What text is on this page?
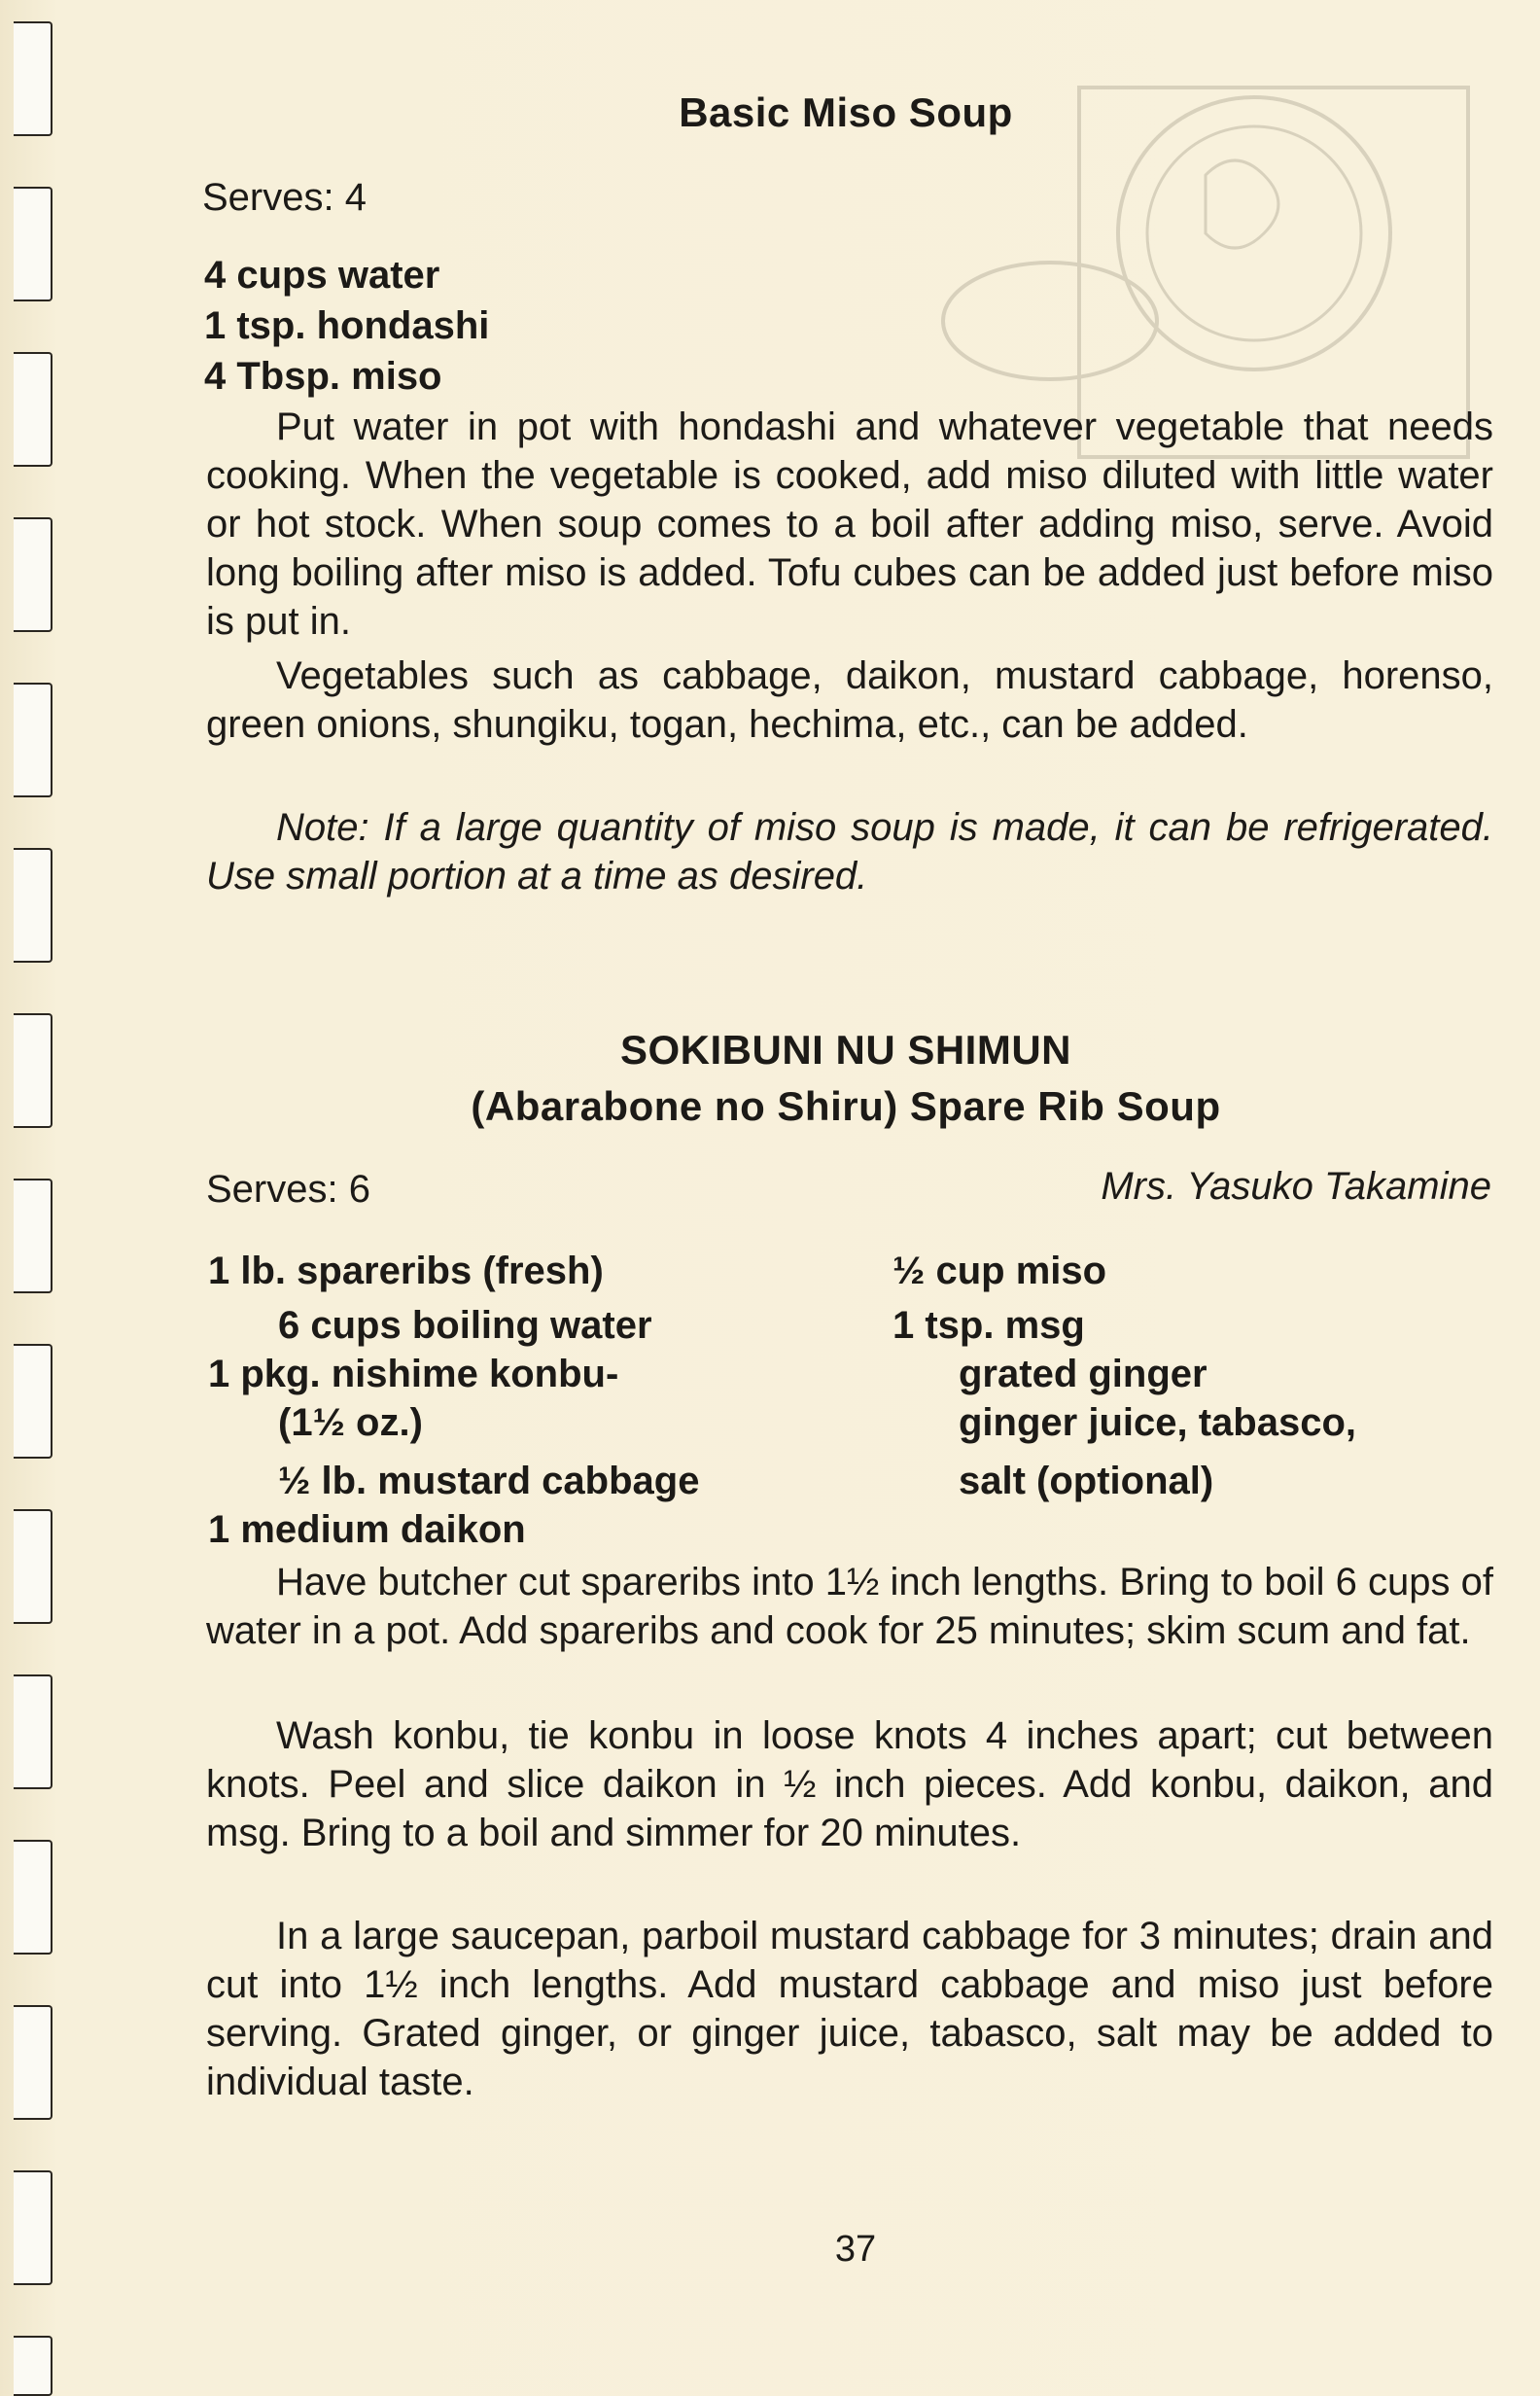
Basic Miso Soup
Serves: 4
4 cups water
1 tsp. hondashi
4 Tbsp. miso
Put water in pot with hondashi and whatever vegetable that needs cooking. When the vegetable is cooked, add miso diluted with little water or hot stock. When soup comes to a boil after adding miso, serve. Avoid long boiling after miso is added. Tofu cubes can be added just before miso is put in.
Vegetables such as cabbage, daikon, mustard cabbage, horenso, green onions, shungiku, togan, hechima, etc., can be added.
Note: If a large quantity of miso soup is made, it can be refrigerated. Use small portion at a time as desired.
SOKIBUNI NU SHIMUN
(Abarabone no Shiru) Spare Rib Soup
Serves: 6	Mrs. Yasuko Takamine
1 lb. spareribs (fresh)
6 cups boiling water
1 pkg. nishime konbu-
(1½ oz.)
½ lb. mustard cabbage
1 medium daikon
½ cup miso
1 tsp. msg
grated ginger
ginger juice, tabasco,
salt (optional)
Have butcher cut spareribs into 1½ inch lengths. Bring to boil 6 cups of water in a pot. Add spareribs and cook for 25 minutes; skim scum and fat.
Wash konbu, tie konbu in loose knots 4 inches apart; cut between knots. Peel and slice daikon in ½ inch pieces. Add konbu, daikon, and msg. Bring to a boil and simmer for 20 minutes.
In a large saucepan, parboil mustard cabbage for 3 minutes; drain and cut into 1½ inch lengths. Add mustard cabbage and miso just before serving. Grated ginger, or ginger juice, tabasco, salt may be added to individual taste.
37
